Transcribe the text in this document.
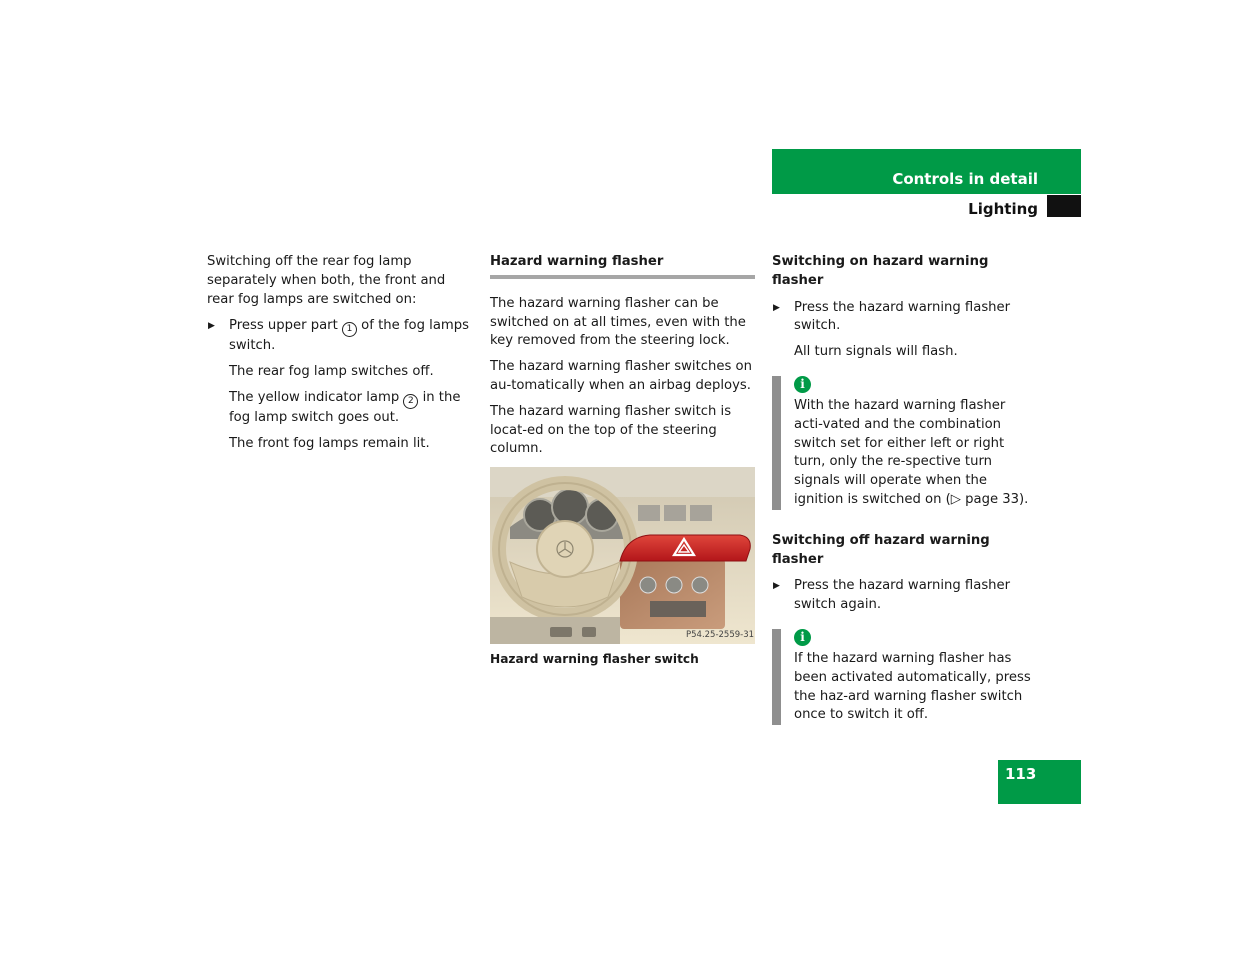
Controls in detail
Lighting

Switching off the rear fog lamp separately when both, the front and rear fog lamps are switched on:

▶ Press upper part 1 of the fog lamps switch.

The rear fog lamp switches off.

The yellow indicator lamp 2 in the fog lamp switch goes out.

The front fog lamps remain lit.

Hazard warning flasher

The hazard warning flasher can be switched on at all times, even with the key removed from the steering lock.

The hazard warning flasher switches on au-tomatically when an airbag deploys.

The hazard warning flasher switch is locat-ed on the top of the steering column.

P54.25-2559-31
Hazard warning flasher switch
Switching on hazard warning flasher
▶ Press the hazard warning flasher switch.

All turn signals will flash.

i

With the hazard warning flasher acti-vated and the combination switch set for either left or right turn, only the re-spective turn signals will operate when the ignition is switched on (▷ page 33).

Switching off hazard warning flasher
▶ Press the hazard warning flasher switch again.
i

If the hazard warning flasher has been activated automatically, press the haz-ard warning flasher switch once to switch it off.

113
